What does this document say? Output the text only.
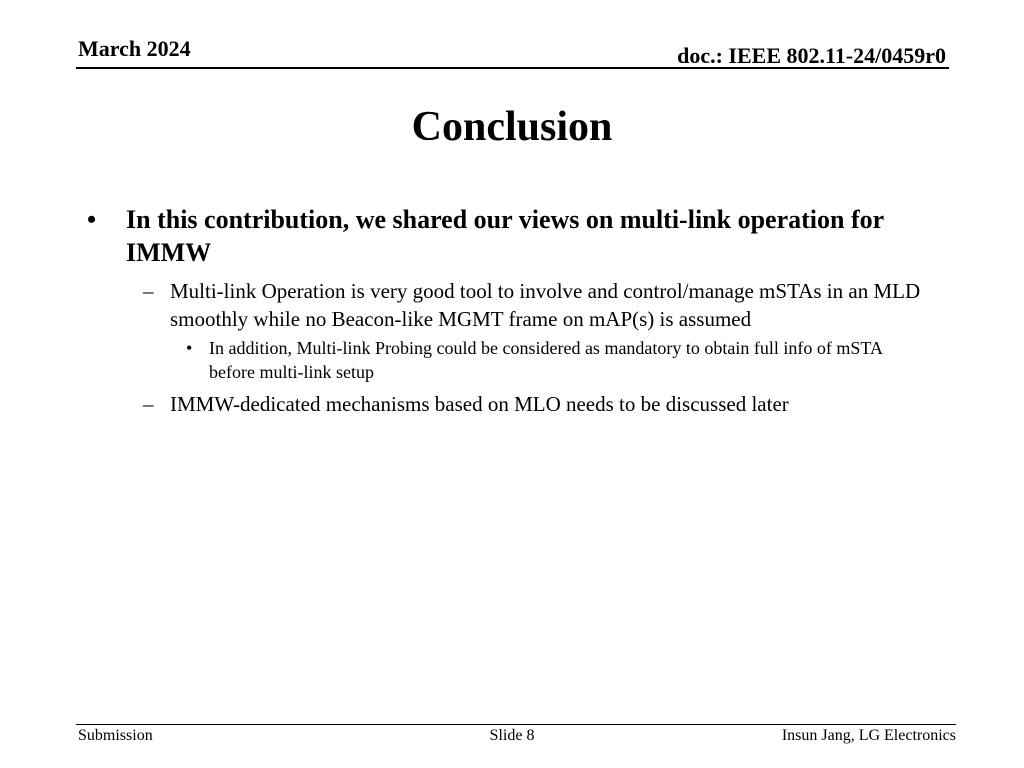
March 2024	doc.: IEEE 802.11-24/0459r0
Conclusion
• In this contribution, we shared our views on multi-link operation for IMMW
– Multi-link Operation is very good tool to involve and control/manage mSTAs in an MLD smoothly while no Beacon-like MGMT frame on mAP(s) is assumed
• In addition, Multi-link Probing could be considered as mandatory to obtain full info of mSTA before multi-link setup
– IMMW-dedicated mechanisms based on MLO needs to be discussed later
Submission	Slide 8	Insun Jang, LG Electronics
